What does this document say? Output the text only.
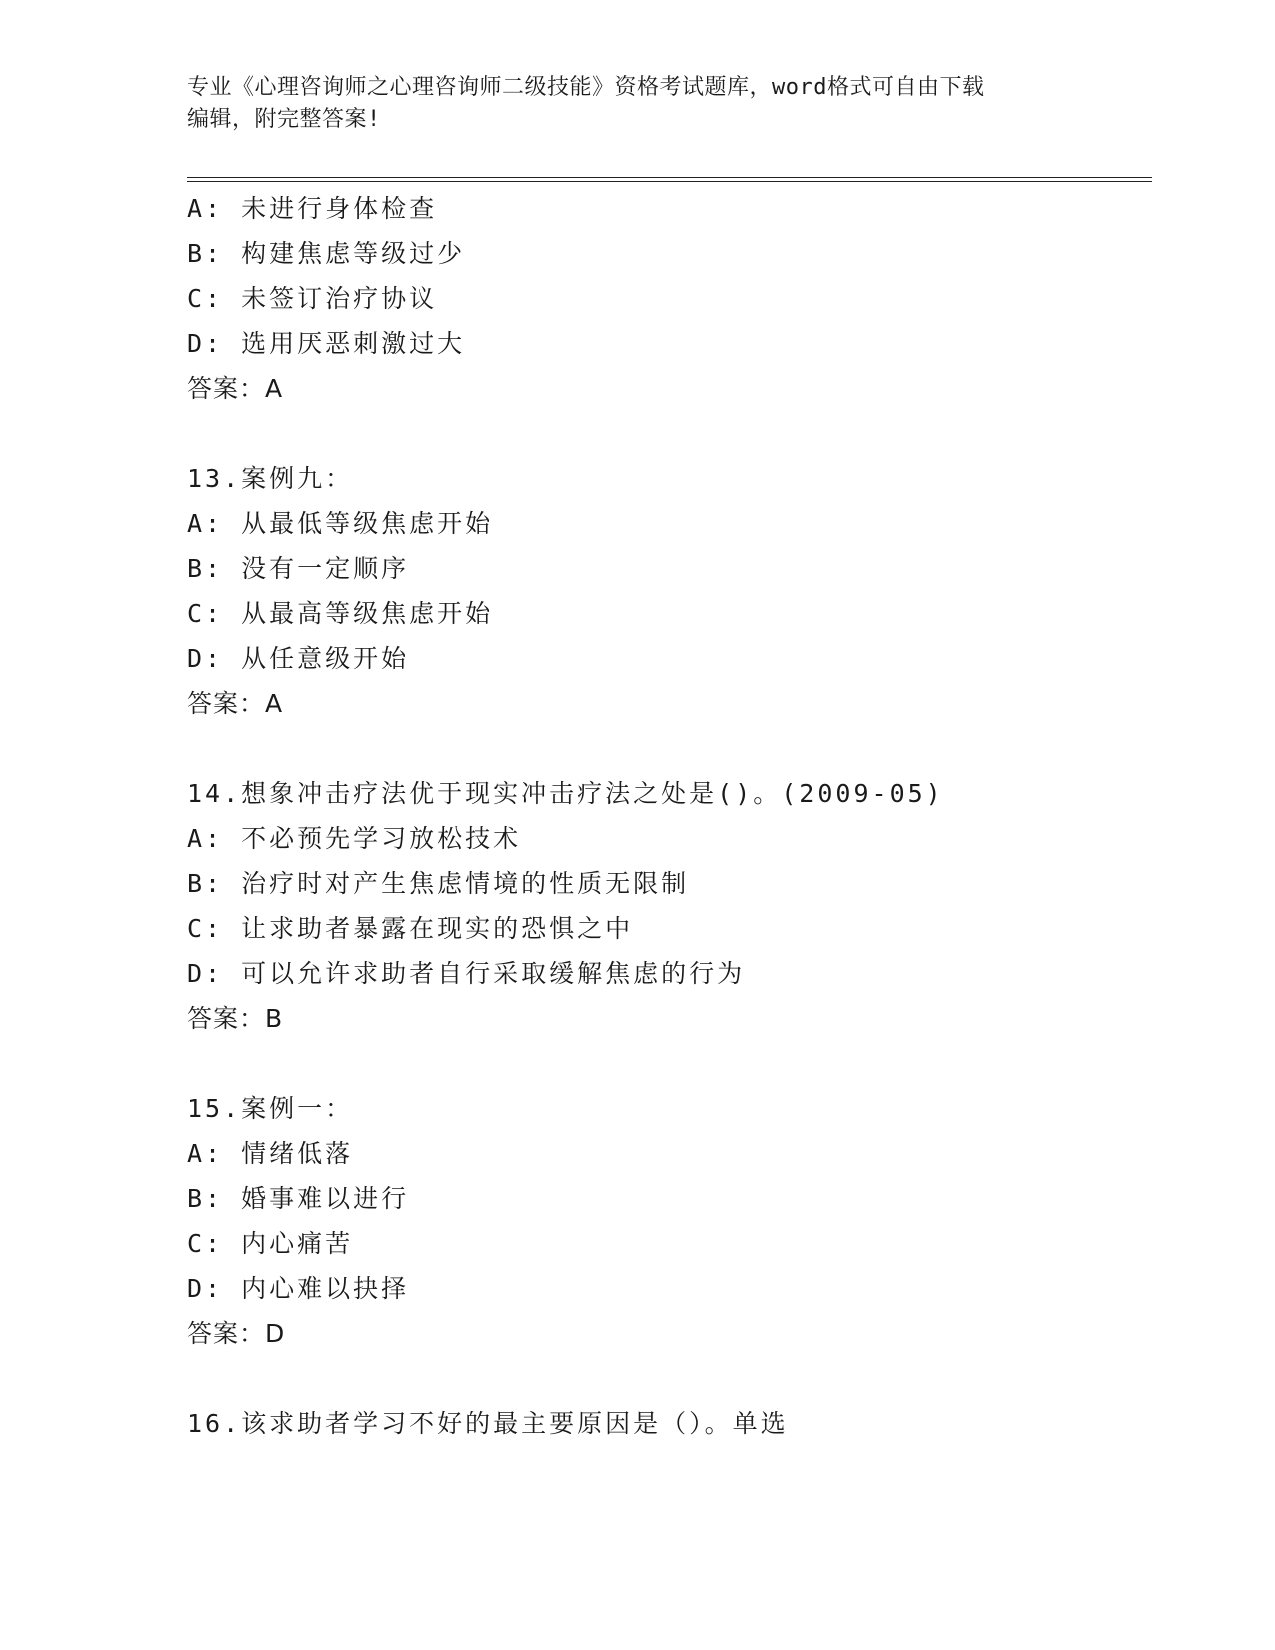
专业《心理咨询师之心理咨询师二级技能》资格考试题库，word格式可自由下载
编辑，附完整答案!
A: 未进行身体检查
B: 构建焦虑等级过少
C: 未签订治疗协议
D: 选用厌恶刺激过大
答案：A
13.案例九：
A: 从最低等级焦虑开始
B: 没有一定顺序
C: 从最高等级焦虑开始
D: 从任意级开始
答案：A
14.想象冲击疗法优于现实冲击疗法之处是()。(2009-05)
A: 不必预先学习放松技术
B: 治疗时对产生焦虑情境的性质无限制
C: 让求助者暴露在现实的恐惧之中
D: 可以允许求助者自行采取缓解焦虑的行为
答案：B
15.案例一：
A: 情绪低落
B: 婚事难以进行
C: 内心痛苦
D: 内心难以抉择
答案：D
16.该求助者学习不好的最主要原因是（）。单选
